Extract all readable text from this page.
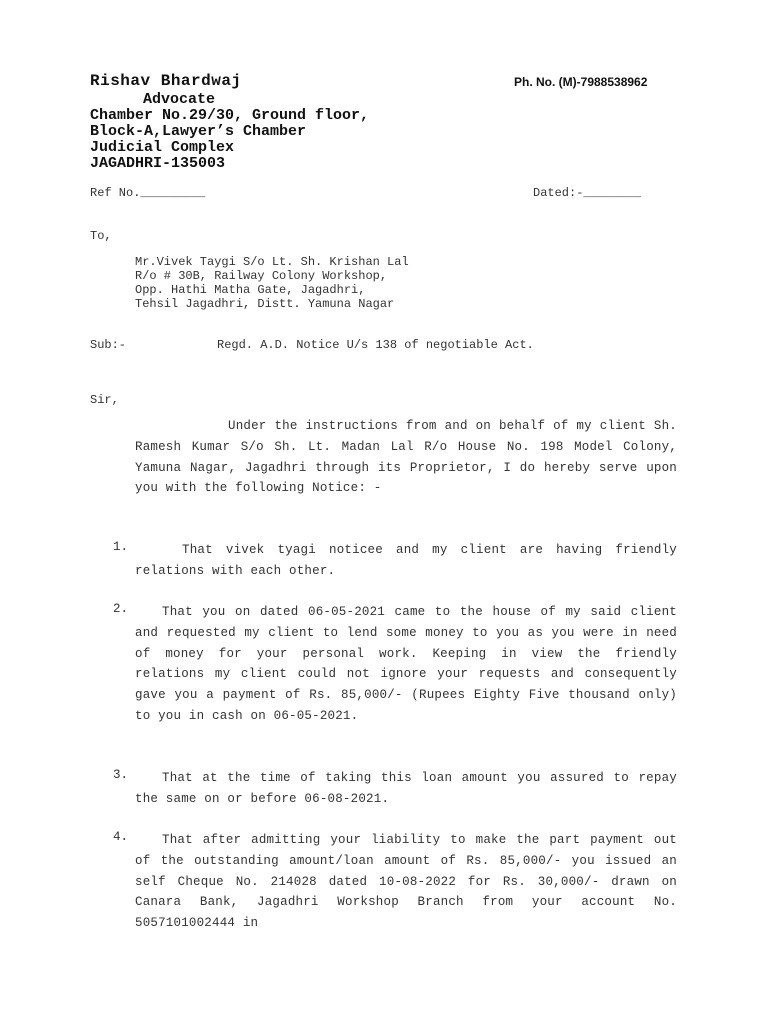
Rishav Bhardwaj
Advocate
Chamber No.29/30, Ground floor,
Block-A,Lawyer’s Chamber
Judicial Complex
JAGADHRI-135003
Ph. No. (M)-7988538962
Ref No._________	Dated:-________
To,
Mr.Vivek Taygi S/o Lt. Sh. Krishan Lal
R/o # 30B, Railway Colony Workshop,
Opp. Hathi Matha Gate, Jagadhri,
Tehsil Jagadhri, Distt. Yamuna Nagar
Sub:-	Regd. A.D. Notice U/s 138 of negotiable Act.
Sir,
Under the instructions from and on behalf of my client Sh. Ramesh Kumar S/o Sh. Lt. Madan Lal R/o House No. 198 Model Colony, Yamuna Nagar, Jagadhri through its Proprietor, I do hereby serve upon you with the following Notice: -
1.	That vivek tyagi noticee and my client are having friendly relations with each other.
2.	That you on dated 06-05-2021 came to the house of my said client and requested my client to lend some money to you as you were in need of money for your personal work. Keeping in view the friendly relations my client could not ignore your requests and consequently gave you a payment of Rs. 85,000/- (Rupees Eighty Five thousand only) to you in cash on 06-05-2021.
3.	That at the time of taking this loan amount you assured to repay the same on or before 06-08-2021.
4.	That after admitting your liability to make the part payment out of the outstanding amount/loan amount of Rs. 85,000/- you issued an self Cheque No. 214028 dated 10-08-2022 for Rs. 30,000/- drawn on Canara Bank, Jagadhri Workshop Branch from your account No. 5057101002444 in
